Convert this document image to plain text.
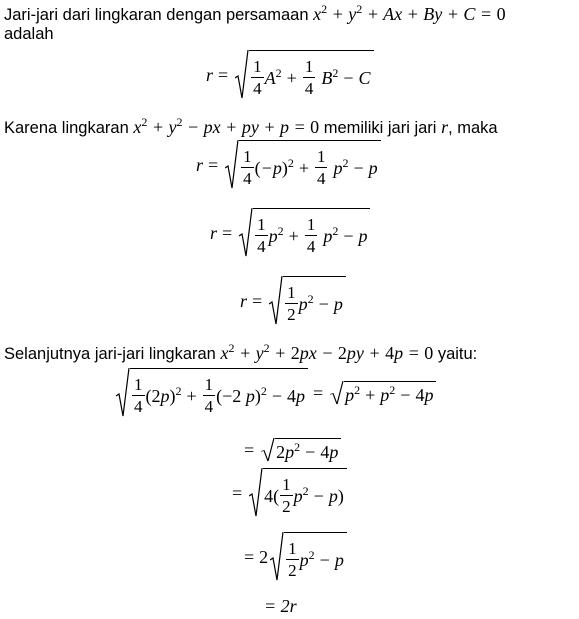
Jari-jari dari lingkaran dengan persamaan $x^2 + y^2 + Ax + By + C = 0$
adalah
$r = \frac{1}{4} A^2 + \frac{1}{4} B^2 - C$
Karena lingkaran $x^2 + y^2$ − px + py + p = 0 memiliki jari jari r, maka
$r = \frac{1}{4} (-p)^2 + \frac{1}{4} p^2 - p$
$r = \frac{1}{4} p^2 + \frac{1}{4} p^2 - p$
$r = \frac{1}{2} p^2 - p$
Selanjutnya jari-jari lingkaran $x^2 + y^2 + 2px - 2py + 4p = 0$ yaitu:
$\frac{1}{4} (2p)^2 + \frac{1}{4} (-2$ $p)^2 - 4p = p^2 + p^2 - 4p$
= $2p^2 - 4p$
= $4( \frac{1}{2} p^2 - p$ )
= $2 \frac{1}{2} p^2 - p$
= 2r
